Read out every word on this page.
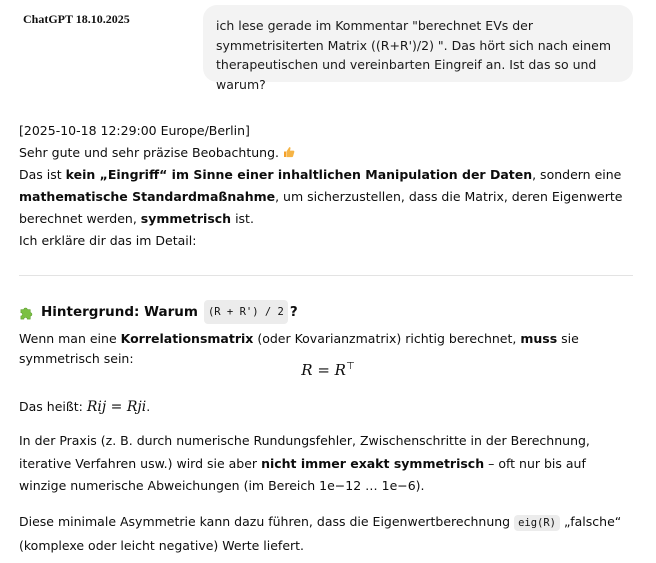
ChatGPT 18.10.2025	ich lese gerade im Kommentar "berechnet EVs der symmetrisiterten Matrix ((R+R')/2) ". Das hört sich nach einem therapeutischen und vereinbarten Eingreif an. Ist das so und warum?
[2025-10-18 12:29:00 Europe/Berlin]
Sehr gute und sehr präzise Beobachtung.
Das ist kein „Eingriff“ im Sinne einer inhaltlichen Manipulation der Daten, sondern eine mathematische Standardmaßnahme, um sicherzustellen, dass die Matrix, deren Eigenwerte berechnet werden, symmetrisch ist.
Ich erkläre dir das im Detail:
Hintergrund: Warum (R + R') / 2 ?
Wenn man eine Korrelationsmatrix (oder Kovarianzmatrix) richtig berechnet, muss sie symmetrisch sein:
R = R⊤
Das heißt: Rij = Rji.
In der Praxis (z. B. durch numerische Rundungsfehler, Zwischenschritte in der Berechnung, iterative Verfahren usw.) wird sie aber nicht immer exakt symmetrisch – oft nur bis auf winzige numerische Abweichungen (im Bereich 1e−12 … 1e−6).
Diese minimale Asymmetrie kann dazu führen, dass die Eigenwertberechnung eig(R) „falsche“ (komplexe oder leicht negative) Werte liefert.
